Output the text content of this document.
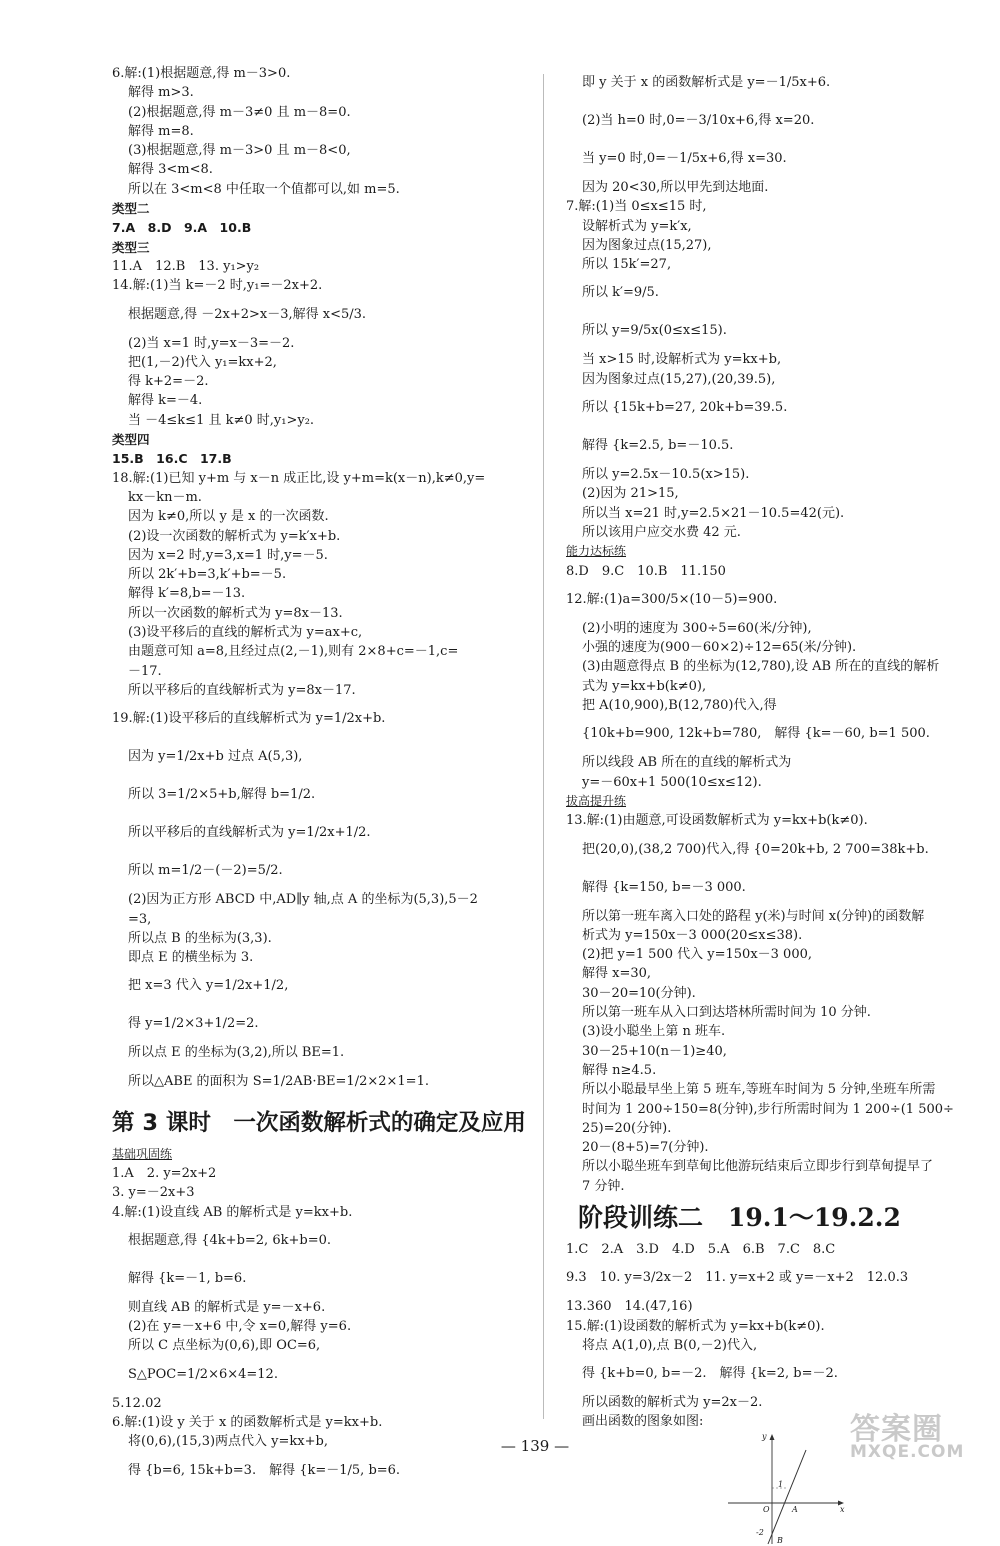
6.解:(1)根据题意,得 m－3>0.
解得 m>3.
(2)根据题意,得 m－3≠0 且 m－8=0.
解得 m=8.
(3)根据题意,得 m－3>0 且 m－8<0,
解得 3<m<8.
所以在 3<m<8 中任取一个值都可以,如 m=5.
类型二
7.A　8.D　9.A　10.B
类型三
11.A　12.B　13. y₁>y₂
14.解:(1)当 k=－2 时,y₁=－2x+2.
根据题意,得 －2x+2>x－3,解得 x<5/3.
(2)当 x=1 时,y=x－3=－2.
把(1,－2)代入 y₁=kx+2,
得 k+2=－2.
解得 k=－4.
当 －4≤k≤1 且 k≠0 时,y₁>y₂.
类型四
15.B　16.C　17.B
18.解:(1)已知 y+m 与 x－n 成正比,设 y+m=k(x－n),k≠0,y=
kx－kn－m.
因为 k≠0,所以 y 是 x 的一次函数.
(2)设一次函数的解析式为 y=k′x+b.
因为 x=2 时,y=3,x=1 时,y=－5.
所以 2k′+b=3,k′+b=－5.
解得 k′=8,b=－13.
所以一次函数的解析式为 y=8x－13.
(3)设平移后的直线的解析式为 y=ax+c,
由题意可知 a=8,且经过点(2,－1),则有 2×8+c=－1,c=
－17.
所以平移后的直线解析式为 y=8x－17.
19.解:(1)设平移后的直线解析式为 y=1/2x+b.
因为 y=1/2x+b 过点 A(5,3),
所以 3=1/2×5+b,解得 b=1/2.
所以平移后的直线解析式为 y=1/2x+1/2.
所以 m=1/2－(－2)=5/2.
(2)因为正方形 ABCD 中,AD∥y 轴,点 A 的坐标为(5,3),5－2
=3,
所以点 B 的坐标为(3,3).
即点 E 的横坐标为 3.
把 x=3 代入 y=1/2x+1/2,
得 y=1/2×3+1/2=2.
所以点 E 的坐标为(3,2),所以 BE=1.
所以△ABE 的面积为 S=1/2AB·BE=1/2×2×1=1.
第 3 课时　一次函数解析式的确定及应用
基础巩固练
1.A　2. y=2x+2
3. y=－2x+3
4.解:(1)设直线 AB 的解析式是 y=kx+b.
根据题意,得 {4k+b=2, 6k+b=0.
解得 {k=－1, b=6.
则直线 AB 的解析式是 y=－x+6.
(2)在 y=－x+6 中,令 x=0,解得 y=6.
所以 C 点坐标为(0,6),即 OC=6,
S△POC=1/2×6×4=12.
5.12.02
6.解:(1)设 y 关于 x 的函数解析式是 y=kx+b.
将(0,6),(15,3)两点代入 y=kx+b,
得 {b=6, 15k+b=3.　解得 {k=－1/5, b=6.
即 y 关于 x 的函数解析式是 y=－1/5x+6.
(2)当 h=0 时,0=－3/10x+6,得 x=20.
当 y=0 时,0=－1/5x+6,得 x=30.
因为 20<30,所以甲先到达地面.
7.解:(1)当 0≤x≤15 时,
设解析式为 y=k′x,
因为图象过点(15,27),
所以 15k′=27,
所以 k′=9/5.
所以 y=9/5x(0≤x≤15).
当 x>15 时,设解析式为 y=kx+b,
因为图象过点(15,27),(20,39.5),
所以 {15k+b=27, 20k+b=39.5.
解得 {k=2.5, b=－10.5.
所以 y=2.5x－10.5(x>15).
(2)因为 21>15,
所以当 x=21 时,y=2.5×21－10.5=42(元).
所以该用户应交水费 42 元.
能力达标练
8.D　9.C　10.B　11.150
12.解:(1)a=300/5×(10－5)=900.
(2)小明的速度为 300÷5=60(米/分钟),
小强的速度为(900－60×2)÷12=65(米/分钟).
(3)由题意得点 B 的坐标为(12,780),设 AB 所在的直线的解析
式为 y=kx+b(k≠0),
把 A(10,900),B(12,780)代入,得
{10k+b=900, 12k+b=780,　解得 {k=－60, b=1 500.
所以线段 AB 所在的直线的解析式为
y=－60x+1 500(10≤x≤12).
拔高提升练
13.解:(1)由题意,可设函数解析式为 y=kx+b(k≠0).
把(20,0),(38,2 700)代入,得 {0=20k+b, 2 700=38k+b.
解得 {k=150, b=－3 000.
所以第一班车离入口处的路程 y(米)与时间 x(分钟)的函数解
析式为 y=150x－3 000(20≤x≤38).
(2)把 y=1 500 代入 y=150x－3 000,
解得 x=30,
30－20=10(分钟).
所以第一班车从入口到达塔林所需时间为 10 分钟.
(3)设小聪坐上第 n 班车.
30－25+10(n－1)≥40,
解得 n≥4.5.
所以小聪最早坐上第 5 班车,等班车时间为 5 分钟,坐班车所需
时间为 1 200÷150=8(分钟),步行所需时间为 1 200÷(1 500÷
25)=20(分钟).
20－(8+5)=7(分钟).
所以小聪坐班车到草甸比他游玩结束后立即步行到草甸提早了
7 分钟.
阶段训练二　19.1～19.2.2
1.C　2.A　3.D　4.D　5.A　6.B　7.C　8.C
9.3　10. y=3/2x－2　11. y=x+2 或 y=－x+2　12.0.3
13.360　14.(47,16)
15.解:(1)设函数的解析式为 y=kx+b(k≠0).
将点 A(1,0),点 B(0,－2)代入,
得 {k+b=0, b=－2.　解得 {k=2, b=－2.
所以函数的解析式为 y=2x－2.
画出函数的图象如图:
y
x
O	A
B
1
-2
— 139 —	答案圈
MXQE.COM
